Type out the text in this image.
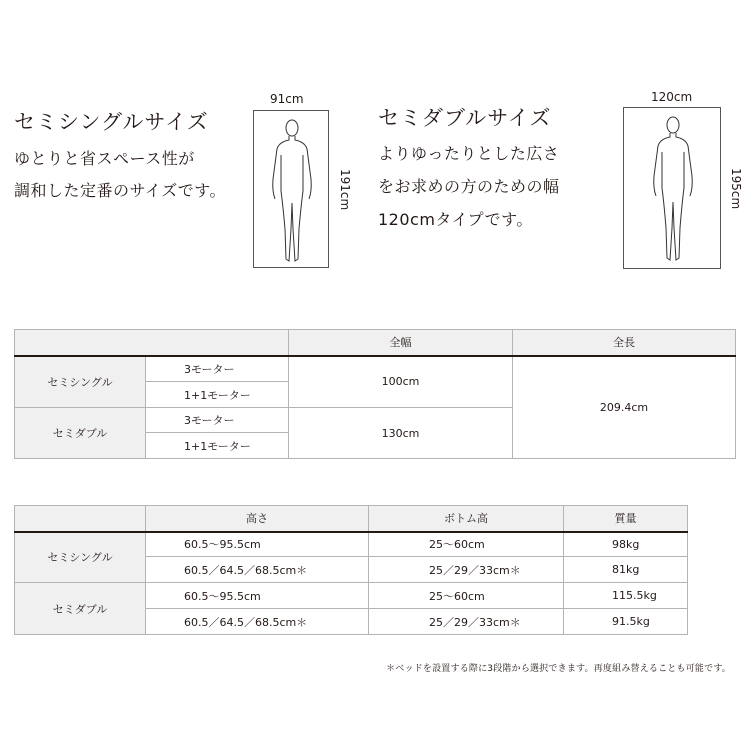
セミシングルサイズ
ゆとりと省スペース性が
調和した定番のサイズです。
91cm
191cm
セミダブルサイズ
よりゆったりとした広さ
をお求めの方のための幅
120cmタイプです。
120cm
195cm
		全幅	全長
セミシングル	3モーター	100cm	209.4cm
	1+1モーター		
セミダブル	3モーター	130cm	
	1+1モーター		
	高さ	ボトム高	質量
セミシングル	60.5～95.5cm	25～60cm	98kg
	60.5／64.5／68.5cm＊	25／29／33cm＊	81kg
セミダブル	60.5～95.5cm	25～60cm	115.5kg
	60.5／64.5／68.5cm＊	25／29／33cm＊	91.5kg
＊ベッドを設置する際に3段階から選択できます。再度組み替えることも可能です。
